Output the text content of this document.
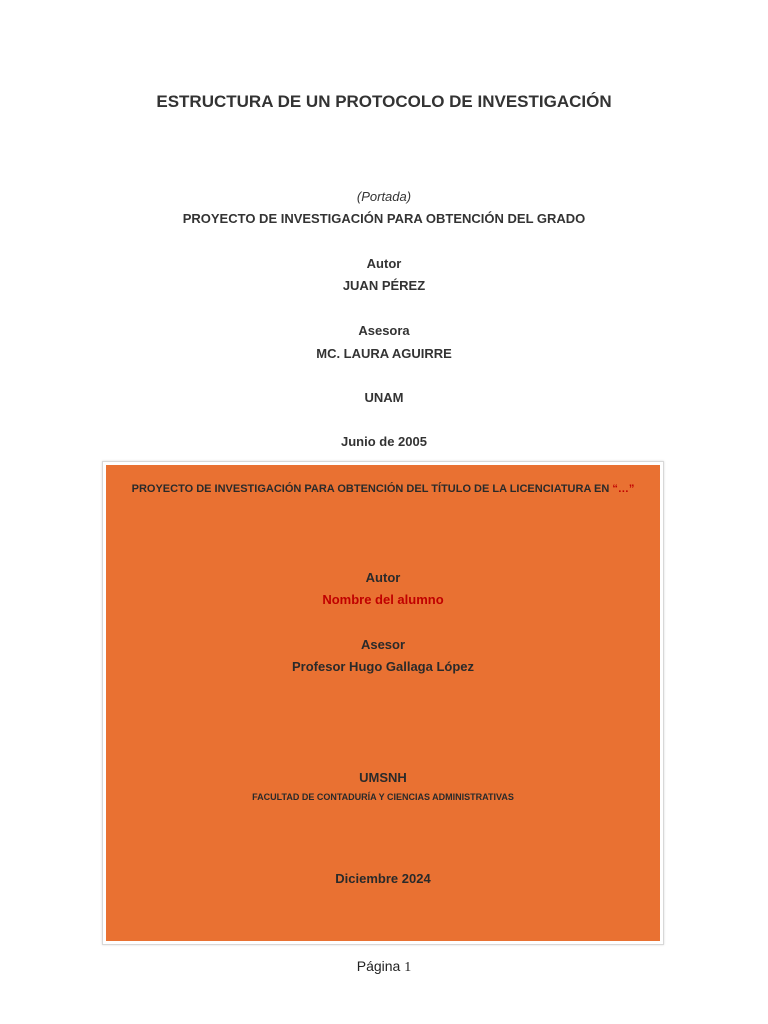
ESTRUCTURA DE UN PROTOCOLO DE INVESTIGACIÓN
(Portada)
PROYECTO DE INVESTIGACIÓN PARA OBTENCIÓN DEL GRADO
Autor
JUAN PÉREZ
Asesora
MC. LAURA AGUIRRE
UNAM
Junio de 2005
PROYECTO DE INVESTIGACIÓN PARA OBTENCIÓN DEL TÍTULO DE LA LICENCIATURA EN “…”
Autor
Nombre del alumno
Asesor
Profesor Hugo Gallaga López
UMSNH
FACULTAD DE CONTADURÍA Y CIENCIAS ADMINISTRATIVAS
Diciembre 2024
Página 1
